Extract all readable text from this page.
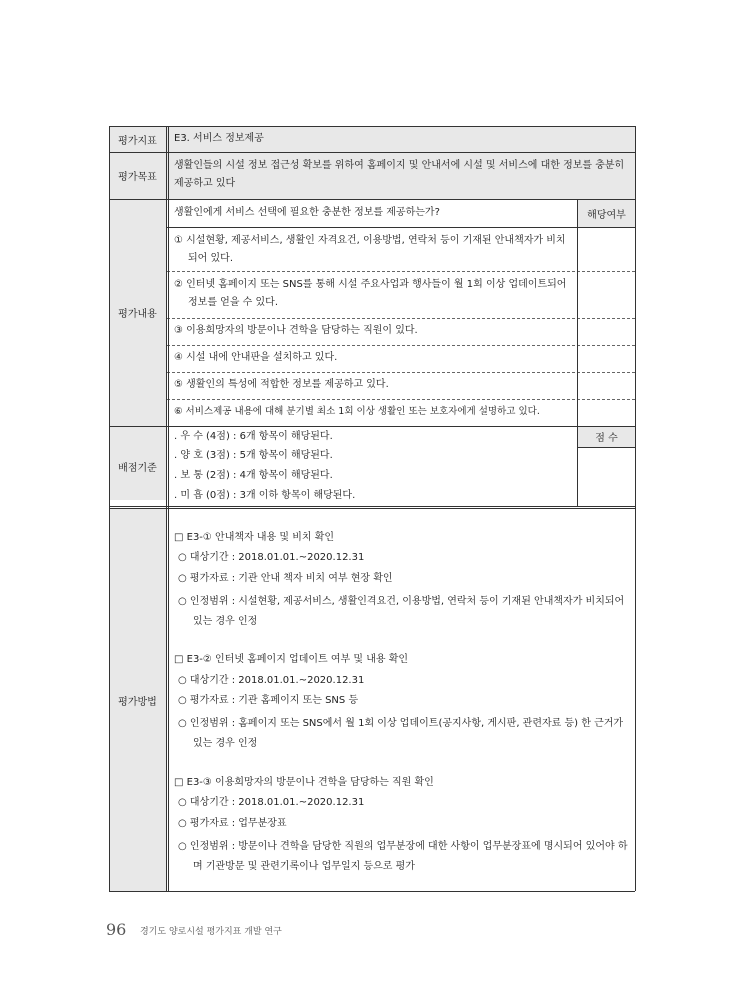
평가지표
평가목표
평가내용
배점기준
평가방법
E3. 서비스 정보제공
생활인들의 시설 정보 접근성 확보를 위하여 홈페이지 및 안내서에 시설 및 서비스에 대한 정보를 충분히 제공하고 있다
생활인에게 서비스 선택에 필요한 충분한 정보를 제공하는가?	해당여부
① 시설현황, 제공서비스, 생활인 자격요건, 이용방법, 연락처 등이 기재된 안내책자가 비치되어 있다.
② 인터넷 홈페이지 또는 SNS를 통해 시설 주요사업과 행사들이 월 1회 이상 업데이트되어 정보를 얻을 수 있다.
③ 이용희망자의 방문이나 견학을 담당하는 직원이 있다.
④ 시설 내에 안내판을 설치하고 있다.
⑤ 생활인의 특성에 적합한 정보를 제공하고 있다.
⑥ 서비스제공 내용에 대해 분기별 최소 1회 이상 생활인 또는 보호자에게 설명하고 있다.
점 수
. 우 수 (4점) : 6개 항목이 해당된다.
. 양 호 (3점) : 5개 항목이 해당된다.
. 보 통 (2점) : 4개 항목이 해당된다.
. 미 흡 (0점) : 3개 이하 항목이 해당된다.
□ E3-① 안내책자 내용 및 비치 확인
○ 대상기간 : 2018.01.01.~2020.12.31
○ 평가자료 : 기관 안내 책자 비치 여부 현장 확인
○ 인정범위 : 시설현황, 제공서비스, 생활인격요건, 이용방법, 연락처 등이 기재된 안내책자가 비치되어 있는 경우 인정
□ E3-② 인터넷 홈페이지 업데이트 여부 및 내용 확인
○ 대상기간 : 2018.01.01.~2020.12.31
○ 평가자료 : 기관 홈페이지 또는 SNS 등
○ 인정범위 : 홈페이지 또는 SNS에서 월 1회 이상 업데이트(공지사항, 게시판, 관련자료 등) 한 근거가 있는 경우 인정
□ E3-③ 이용희망자의 방문이나 견학을 담당하는 직원 확인
○ 대상기간 : 2018.01.01.~2020.12.31
○ 평가자료 : 업무분장표
○ 인정범위 : 방문이나 견학을 담당한 직원의 업무분장에 대한 사항이 업무분장표에 명시되어 있어야 하며 기관방문 및 관련기록이나 업무일지 등으로 평가
96 경기도 양로시설 평가지표 개발 연구
